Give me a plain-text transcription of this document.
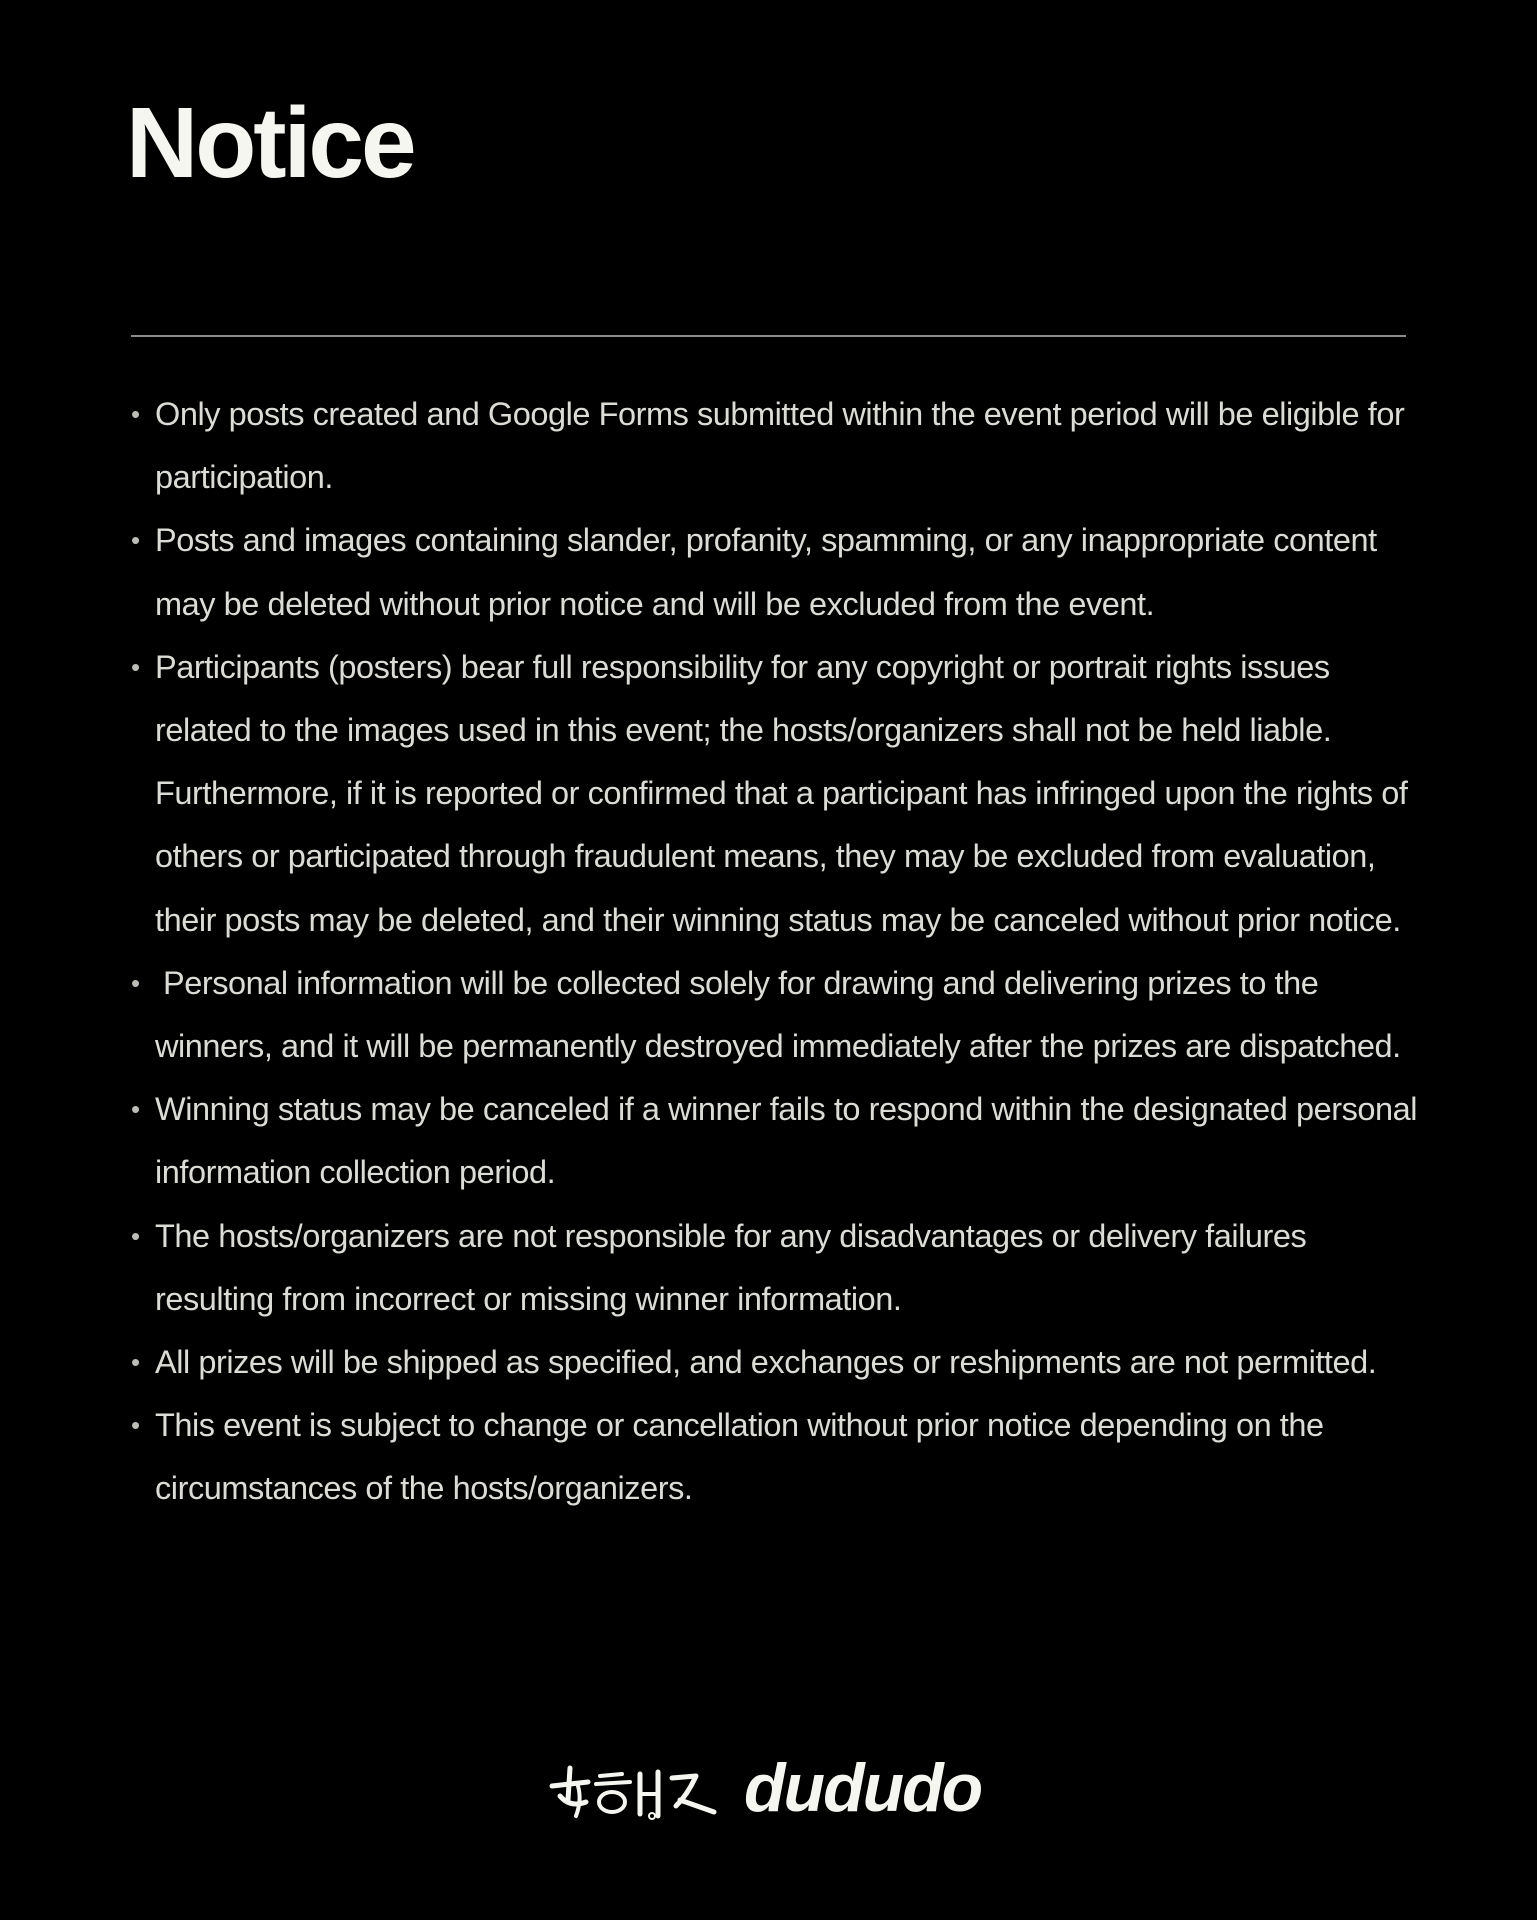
Notice
• Only posts created and Google Forms submitted within the event period will be eligible for participation.
• Posts and images containing slander, profanity, spamming, or any inappropriate content may be deleted without prior notice and will be excluded from the event.
• Participants (posters) bear full responsibility for any copyright or portrait rights issues related to the images used in this event; the hosts/organizers shall not be held liable. Furthermore, if it is reported or confirmed that a participant has infringed upon the rights of others or participated through fraudulent means, they may be excluded from evaluation, their posts may be deleted, and their winning status may be canceled without prior notice.
• Personal information will be collected solely for drawing and delivering prizes to the winners, and it will be permanently destroyed immediately after the prizes are dispatched.
• Winning status may be canceled if a winner fails to respond within the designated personal information collection period.
• The hosts/organizers are not responsible for any disadvantages or delivery failures resulting from incorrect or missing winner information.
• All prizes will be shipped as specified, and exchanges or reshipments are not permitted.
• This event is subject to change or cancellation without prior notice depending on the circumstances of the hosts/organizers.
dududo
